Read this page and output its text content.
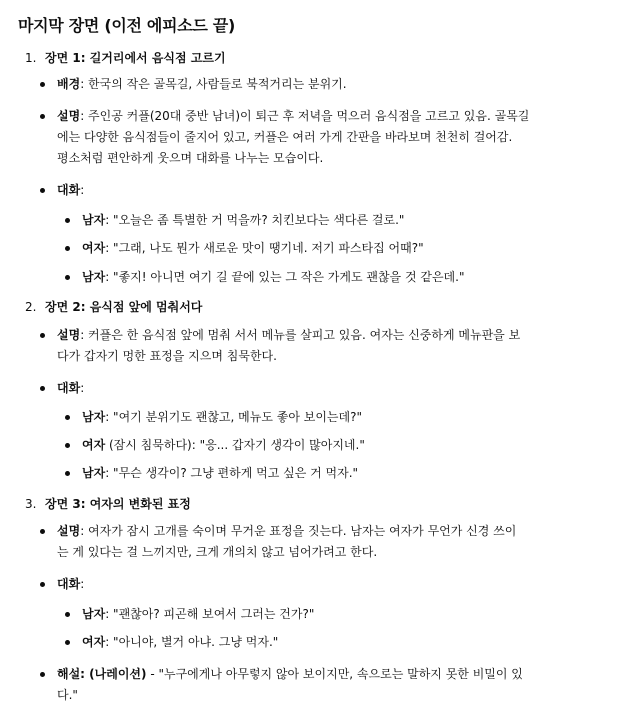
마지막 장면 (이전 에피소드 끝)
1. 장면 1: 길거리에서 음식점 고르기
배경: 한국의 작은 골목길, 사람들로 북적거리는 분위기.
설명: 주인공 커플(20대 중반 남녀)이 퇴근 후 저녁을 먹으러 음식점을 고르고 있음. 골목길
에는 다양한 음식점들이 줄지어 있고, 커플은 여러 가게 간판을 바라보며 천천히 걸어감.
평소처럼 편안하게 웃으며 대화를 나누는 모습이다.
대화:
남자: "오늘은 좀 특별한 거 먹을까? 치킨보다는 색다른 걸로."
여자: "그래, 나도 뭔가 새로운 맛이 땡기네. 저기 파스타집 어때?"
남자: "좋지! 아니면 여기 길 끝에 있는 그 작은 가게도 괜찮을 것 같은데."
2. 장면 2: 음식점 앞에 멈춰서다
설명: 커플은 한 음식점 앞에 멈춰 서서 메뉴를 살피고 있음. 여자는 신중하게 메뉴판을 보
다가 갑자기 멍한 표정을 지으며 침묵한다.
대화:
남자: "여기 분위기도 괜찮고, 메뉴도 좋아 보이는데?"
여자 (잠시 침묵하다): "응... 갑자기 생각이 많아지네."
남자: "무슨 생각이? 그냥 편하게 먹고 싶은 거 먹자."
3. 장면 3: 여자의 변화된 표정
설명: 여자가 잠시 고개를 숙이며 무거운 표정을 짓는다. 남자는 여자가 무언가 신경 쓰이
는 게 있다는 걸 느끼지만, 크게 개의치 않고 넘어가려고 한다.
대화:
남자: "괜찮아? 피곤해 보여서 그러는 건가?"
여자: "아니야, 별거 아냐. 그냥 먹자."
해설: (나레이션) - "누구에게나 아무렇지 않아 보이지만, 속으로는 말하지 못한 비밀이 있
다."
